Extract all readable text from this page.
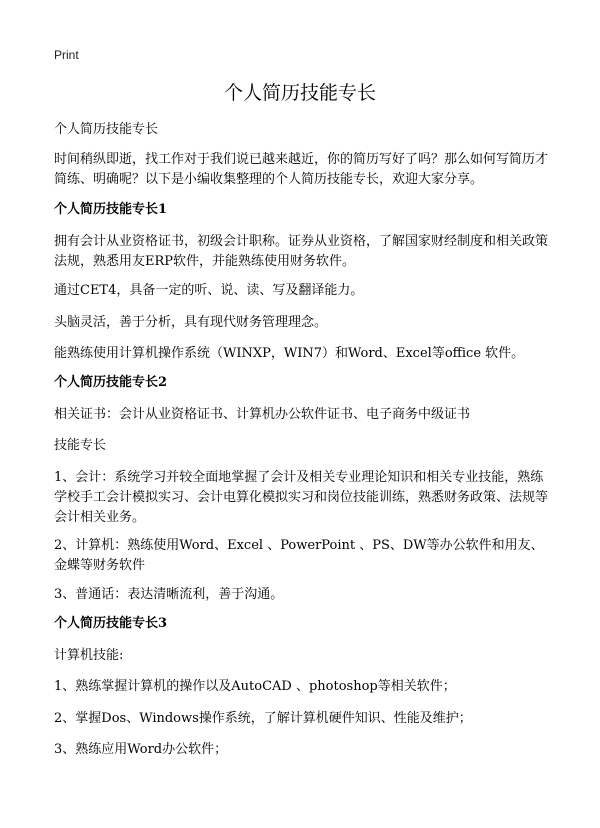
Print
个人简历技能专长

个人简历技能专长

时间稍纵即逝，找工作对于我们说已越来越近，你的简历写好了吗？那么如何写简历才简练、明确呢？以下是小编收集整理的个人简历技能专长，欢迎大家分享。

个人简历技能专长1

拥有会计从业资格证书，初级会计职称。证券从业资格，了解国家财经制度和相关政策法规，熟悉用友ERP软件，并能熟练使用财务软件。

通过CET4，具备一定的听、说、读、写及翻译能力。

头脑灵活，善于分析，具有现代财务管理理念。

能熟练使用计算机操作系统（WINXP，WIN7）和Word、Excel等office 软件。

个人简历技能专长2

相关证书：会计从业资格证书、计算机办公软件证书、电子商务中级证书

技能专长

1、会计：系统学习并较全面地掌握了会计及相关专业理论知识和相关专业技能，熟练学校手工会计模拟实习、会计电算化模拟实习和岗位技能训练，熟悉财务政策、法规等会计相关业务。

2、计算机：熟练使用Word、Excel 、PowerPoint 、PS、DW等办公软件和用友、金蝶等财务软件

3、普通话：表达清晰流利，善于沟通。

个人简历技能专长3

计算机技能:

1、熟练掌握计算机的操作以及AutoCAD 、photoshop等相关软件；

2、掌握Dos、Windows操作系统，了解计算机硬件知识、性能及维护；

3、熟练应用Word办公软件；
